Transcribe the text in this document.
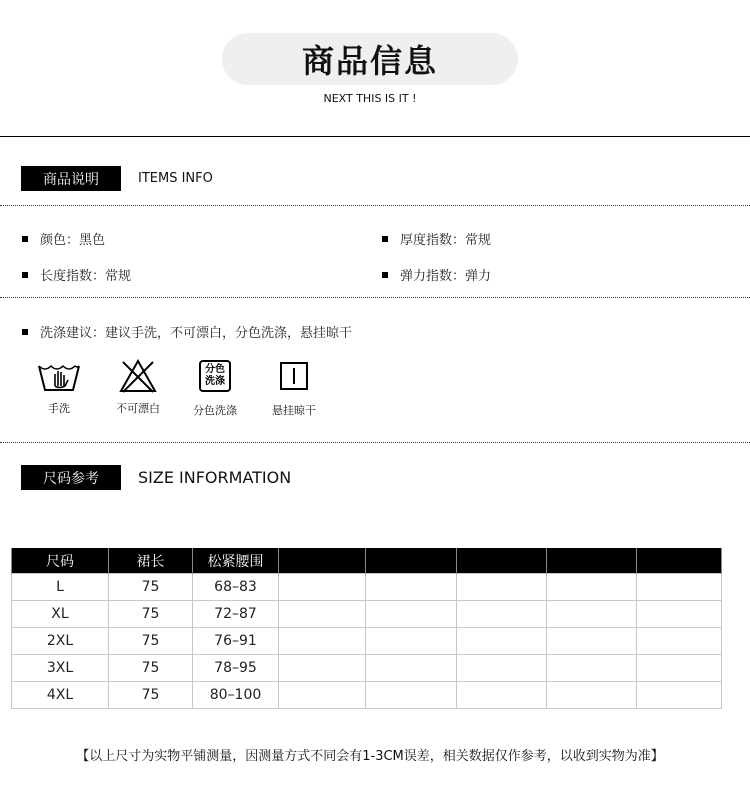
商品信息
NEXT THIS IS IT !
商品说明	ITEMS INFO
颜色：黑色	厚度指数：常规
长度指数：常规	弹力指数：弹力
洗涤建议：建议手洗，不可漂白，分色洗涤，悬挂晾干
手洗	不可漂白
分色
洗涤
分色洗涤	悬挂晾干
尺码参考 SIZE INFORMATION
尺码	裙长	松紧腰围					
L	75	68–83					
XL	75	72–87					
2XL	75	76–91					
3XL	75	78–95					
4XL	75	80–100					
【以上尺寸为实物平铺测量，因测量方式不同会有1-3CM误差，相关数据仅作参考，以收到实物为准】
